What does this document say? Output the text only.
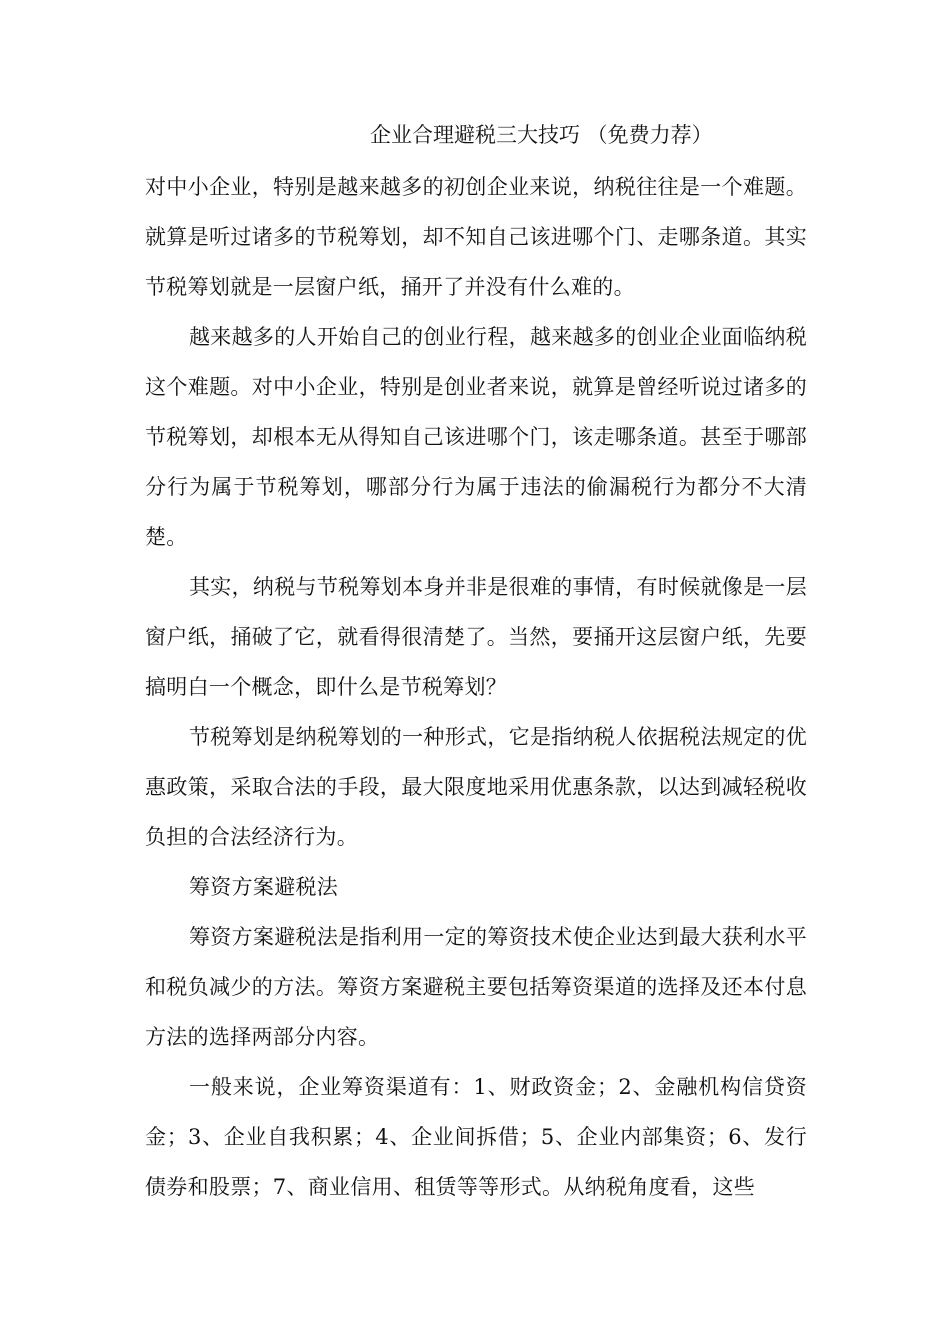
企业合理避税三大技巧 （免费力荐）

对中小企业，特别是越来越多的初创企业来说，纳税往往是一个难题。就算是听过诸多的节税筹划，却不知自己该进哪个门、走哪条道。其实节税筹划就是一层窗户纸，捅开了并没有什么难的。

越来越多的人开始自己的创业行程，越来越多的创业企业面临纳税这个难题。对中小企业，特别是创业者来说，就算是曾经听说过诸多的节税筹划，却根本无从得知自己该进哪个门，该走哪条道。甚至于哪部分行为属于节税筹划，哪部分行为属于违法的偷漏税行为都分不大清楚。

其实，纳税与节税筹划本身并非是很难的事情，有时候就像是一层窗户纸，捅破了它，就看得很清楚了。当然，要捅开这层窗户纸，先要搞明白一个概念，即什么是节税筹划？

节税筹划是纳税筹划的一种形式，它是指纳税人依据税法规定的优惠政策，采取合法的手段，最大限度地采用优惠条款，以达到减轻税收负担的合法经济行为。

筹资方案避税法

筹资方案避税法是指利用一定的筹资技术使企业达到最大获利水平和税负减少的方法。筹资方案避税主要包括筹资渠道的选择及还本付息方法的选择两部分内容。

一般来说，企业筹资渠道有：1、财政资金；2、金融机构信贷资金；3、企业自我积累；4、企业间拆借；5、企业内部集资；6、发行债券和股票；7、商业信用、租赁等等形式。从纳税角度看，这些
